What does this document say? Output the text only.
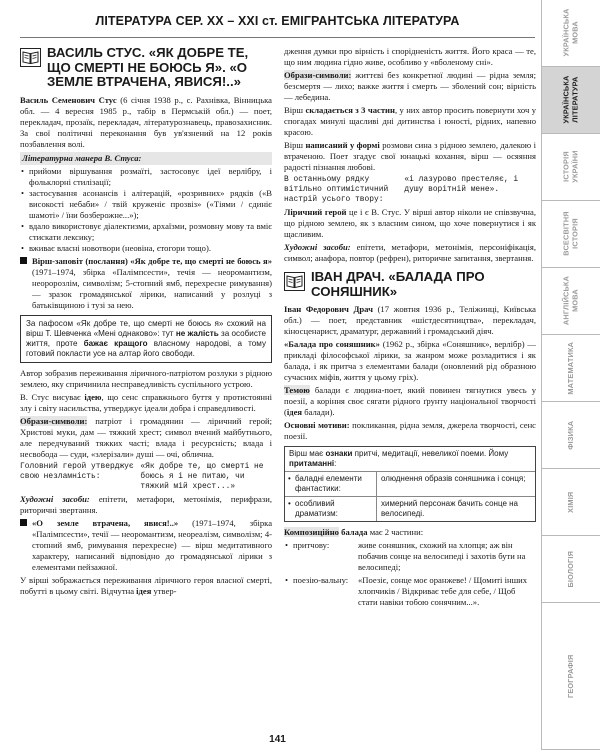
ЛІТЕРАТУРА СЕР. XX – XXI ст. ЕМІГРАНТСЬКА ЛІТЕРАТУРА
ВАСИЛЬ СТУС. «ЯК ДОБРЕ ТЕ, ЩО СМЕРТІ НЕ БОЮСЬ Я». «О ЗЕМЛЕ ВТРАЧЕНА, ЯВИСЯ!..»

Василь Семенович Стус (6 січня 1938 р., с. Рахнівка, Вінницька обл. — 4 вересня 1985 р., табір в Пермській обл.) — поет, перекладач, прозаїк, перекладач, літературознавець, правозахисник. За свої політичні переконання був ув'язнений на 12 років позбавлення волі.

Літературна манера В. Стуса:
• прийоми віршування розмаїті, застосовує ідеї верлібру, і фольклорні стилізації;
• застосування асонансів і алітерацій, «розривних» рядків («В високості небаби» / твій круженіє прозвіз» («Тіями / сдиніє шамоті» / їни бозберожне...»);
• вдало використовує діалектизми, архаїзми, розмовну мову та вміє стискати лексику;
• вживає власні новотвори (неовіна, єтогори тощо).
Вірш-заповіт (послання) «Як добре те, що смерті не боюсь я» (1971–1974, збірка «Палімпсести», течія — неоромантизм, неоророзлім, символізм; 5-стопний ямб, перехресне римування) — зразок громадянської лірики, написаний у розлуці з батьківщиною і тузі за нею.
За пафосом «Як добре те, що смерті не боюсь я» схожий на вірш Т. Шевченка «Мені однаково»: тут не жалість за особисте життя, проте бажає кращого власному народові, а тому готовий покласти усе на алтар його свободи.

Автор зобразив переживання ліричного-патріотом розлуки з рідною землею, яку спричинила несправедливість суспільного устрою.

В. Стус висуває ідею, що сенс справжнього буття у протистоянні злу і світу насильства, утверджує ідеали добра і справедливості.

Образи-символи: патріот і громадянин — ліричний герой; Христові муки, дам — тяжкий хрест; символ вчений майбутнього, але передчуваний тяжких часті; влада і ресурсність; влада і несвобода — суди, «злерізали» душі — очі, облична.

Головний герой утверджує свою незламність:
«Як добре те, що смерті не боюсь я і не питаю, чи тяжкий мій хрест...»

Художні засоби: епітети, метафори, метонімія, перифрази, риторичні звертання.

«О земле втрачена, явися!..» (1971–1974, збірка «Палімпсести», течії — неоромантизм, неореалізм, символізм; 4-стопний ямб, римування перехресне) — вірш медитативного характеру, написаний відповідно до громадянської лірики з елементами пейзажної.

У вірші зображається переживання ліричного героя власної смерті, побутті в цьому світі. Відчутна ідея утвер-

дження думки про вірність і спорідненість життя. Його краса — те, що ним людина гідно живе, особливо у «вболеному сні».

Образи-символи: життєві без конкретної людині — рідна земля; безсмертя — лихо; важке життя і смерть — зболений сон; вірність — лебедина.

Вірш складається з 3 частин, у них автор просить повернути хоч у спогадах минулі щасливі дні дитинства і юності, рідних, напевно красою.

Вірш написаний у формі розмови сина з рідною землею, далекою і втраченою. Поет згадує свої юнацькі кохання, вірш — осяяння радості пізнання любові.

В останньому рядку вітільно оптимістичний настрій усього твору:
«і лазурово престеляє, і душу ворітній мене».

Ліричний герой це і є В. Стус. У вірші автор ніколи не співзвучна, що рідною землею, як з власним сином, що хоче повернутися і як щасливим.

Художні засоби: епітети, метафори, метонімія, персоніфікація, символ; анафора, повтор (рефрен), риторичне запитання, звертання.

ІВАН ДРАЧ. «БАЛАДА ПРО СОНЯШНИК»

Іван Федорович Драч (17 жовтня 1936 р., Теліжинці, Київська обл.) — поет, представник «шістдесятництва», перекладач, кіносценарист, драматург, державний і громадський діяч.

«Балада про соняшник» (1962 р., збірка «Соняшник», верлібр) — прикладі філософської лірики, за жанром може розладитися і як балада, і як притча з елементами балади (оновлений рід образною сучасних міфів, життя у цьому гріх).

Темою балади є людина-поет, який повинен тягнутися увесь у поезії, а коріння своє сягати рідного ґрунту національної творчості (ідея балади).

Основні мотиви: покликання, рідна земля, джерела творчості, сенс поезії.

Вірш має ознаки притчі, медитації, невеликої поеми. Йому притаманні:
• баладні елементи фантастики:
олюднення образів соняшника і сонця;
• особливий драматизм:
химерний персонаж бачить сонце на велосипеді.

Композиційно балада має 2 частини:

• притчову:	живе соняшник, схожий на хлопця; аж він побачив сонце на велосипеді і захотів бути на велосипеді;
• поезію-вальну:	«Поезіє, сонце моє оранжеве! / Щомиті інших хлопчиків / Відкриває тебе для себе, / Щоб стати навіки тобою сонячним...».
141
УКРАЇНСЬКА
МОВА
УКРАЇНСЬКА
ЛІТЕРАТУРА
ІСТОРІЯ
УКРАЇНИ
ВСЕСВІТНЯ
ІСТОРІЯ
АНГЛІЙСЬКА
МОВА
МАТЕМАТИКА
ФІЗИКА
ХІМІЯ
БІОЛОГІЯ
ГЕОГРАФІЯ
